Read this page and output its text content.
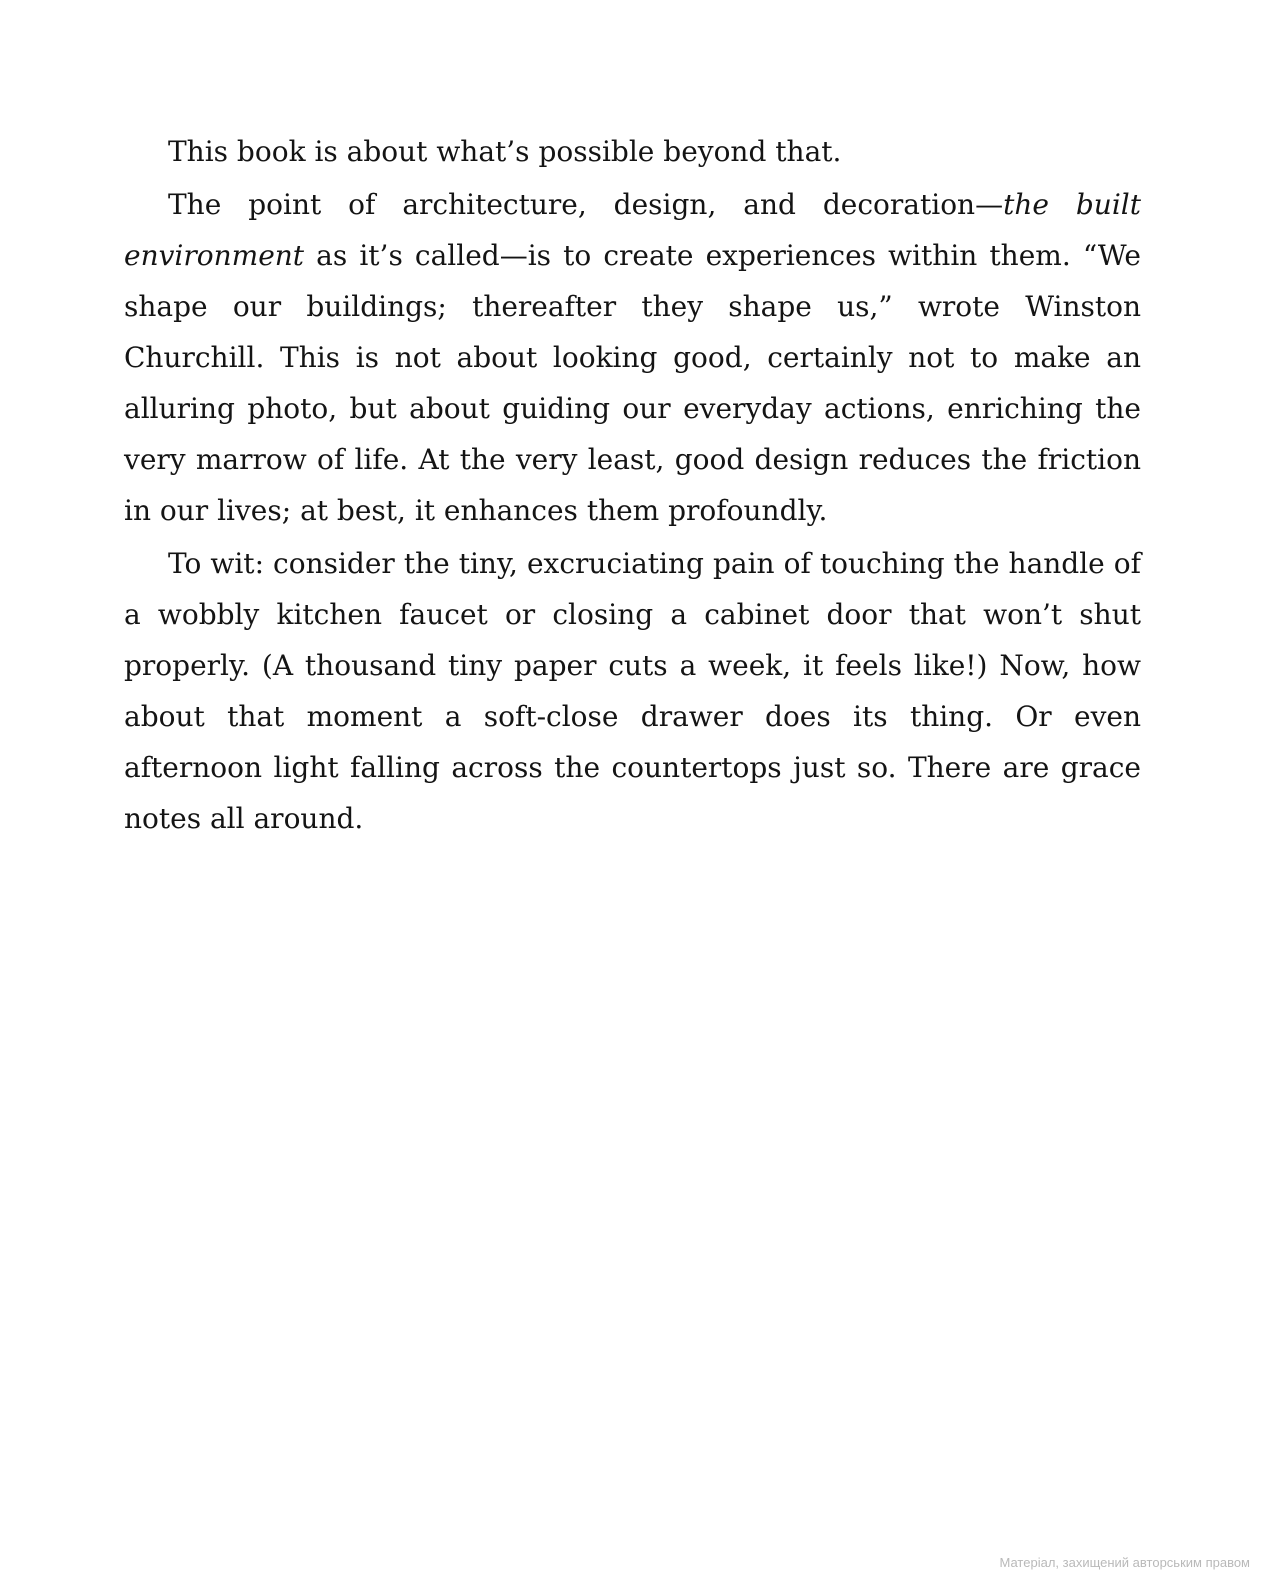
This book is about what’s possible beyond that.

The point of architecture, design, and decoration—the built environment as it’s called—is to create experiences within them. “We shape our buildings; thereafter they shape us,” wrote Winston Churchill. This is not about looking good, certainly not to make an alluring photo, but about guiding our everyday actions, enriching the very marrow of life. At the very least, good design reduces the friction in our lives; at best, it enhances them profoundly.

To wit: consider the tiny, excruciating pain of touching the handle of a wobbly kitchen faucet or closing a cabinet door that won’t shut properly. (A thousand tiny paper cuts a week, it feels like!) Now, how about that moment a soft-close drawer does its thing. Or even afternoon light falling across the countertops just so. There are grace notes all around.

Матеріал, захищений авторським правом
